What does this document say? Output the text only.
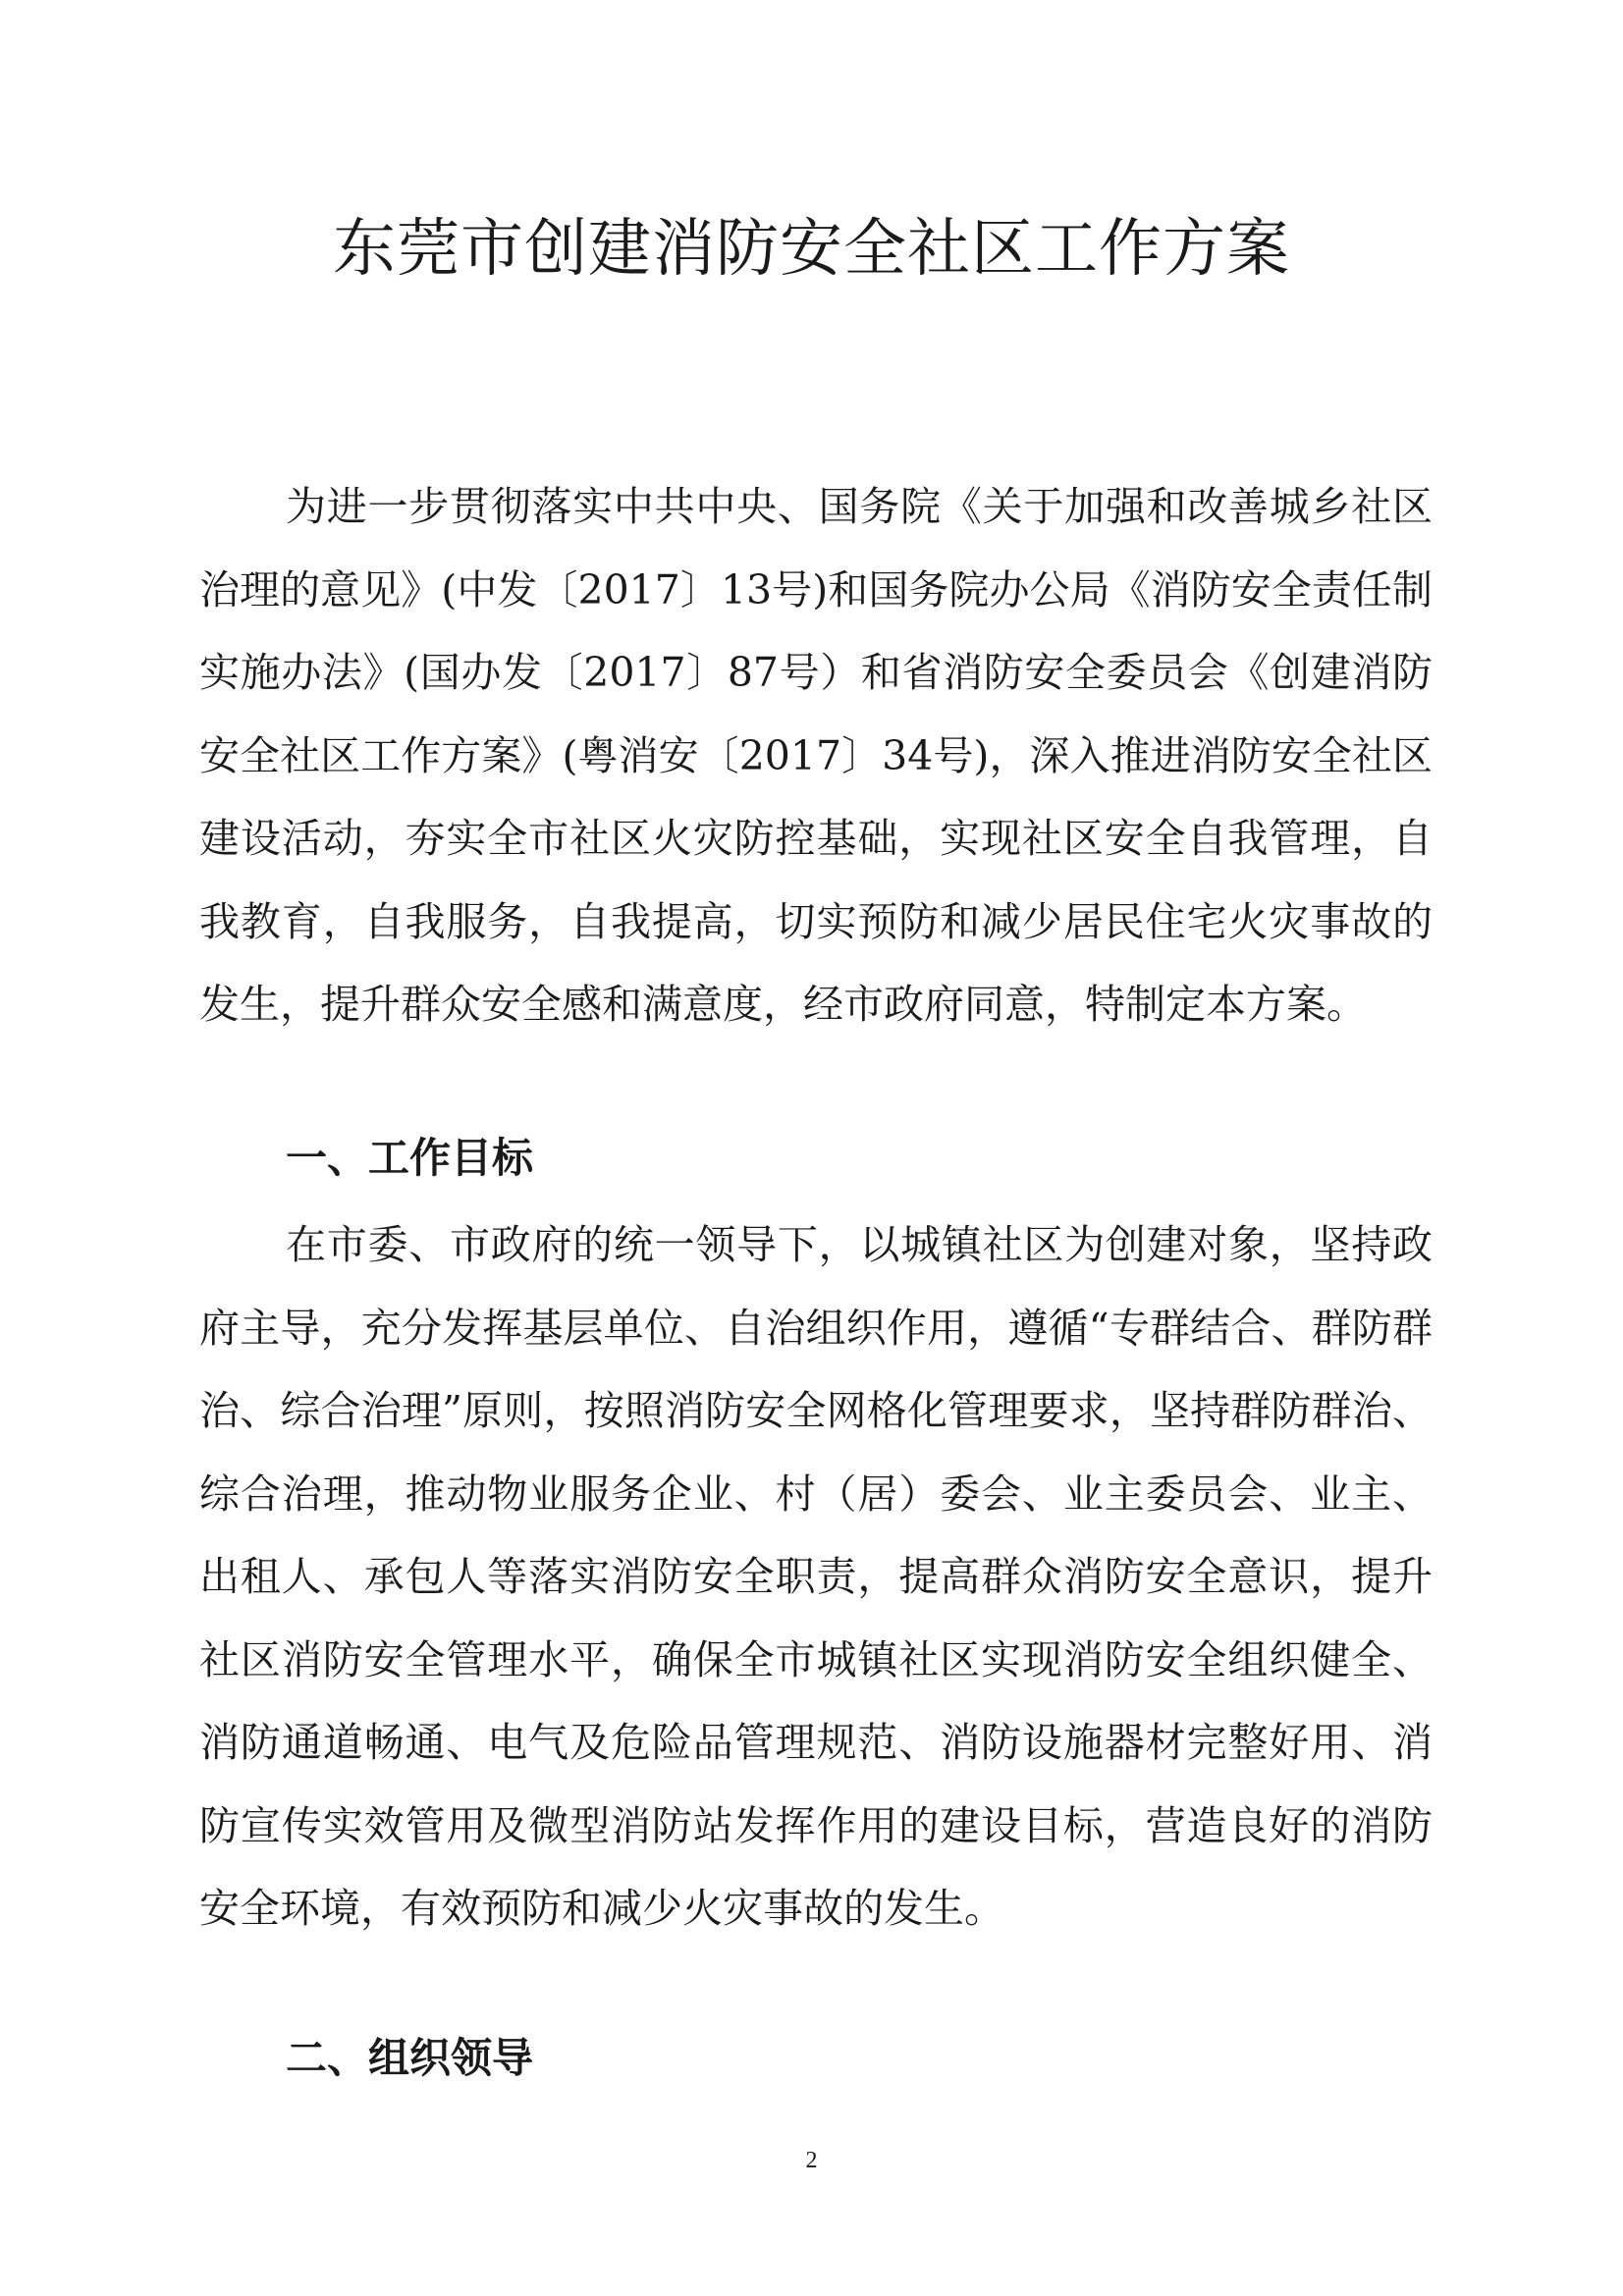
东莞市创建消防安全社区工作方案

为进一步贯彻落实中共中央、国务院《关于加强和改善城乡社区治理的意见》(中发〔2017〕13号)和国务院办公局《消防安全责任制实施办法》(国办发〔2017〕87号）和省消防安全委员会《创建消防安全社区工作方案》(粤消安〔2017〕34号)，深入推进消防安全社区建设活动，夯实全市社区火灾防控基础，实现社区安全自我管理，自我教育，自我服务，自我提高，切实预防和减少居民住宅火灾事故的发生，提升群众安全感和满意度，经市政府同意，特制定本方案。

一、工作目标

在市委、市政府的统一领导下，以城镇社区为创建对象，坚持政府主导，充分发挥基层单位、自治组织作用，遵循“专群结合、群防群治、综合治理”原则，按照消防安全网格化管理要求，坚持群防群治、综合治理，推动物业服务企业、村（居）委会、业主委员会、业主、出租人、承包人等落实消防安全职责，提高群众消防安全意识，提升社区消防安全管理水平，确保全市城镇社区实现消防安全组织健全、消防通道畅通、电气及危险品管理规范、消防设施器材完整好用、消防宣传实效管用及微型消防站发挥作用的建设目标，营造良好的消防安全环境，有效预防和减少火灾事故的发生。

二、组织领导
2
